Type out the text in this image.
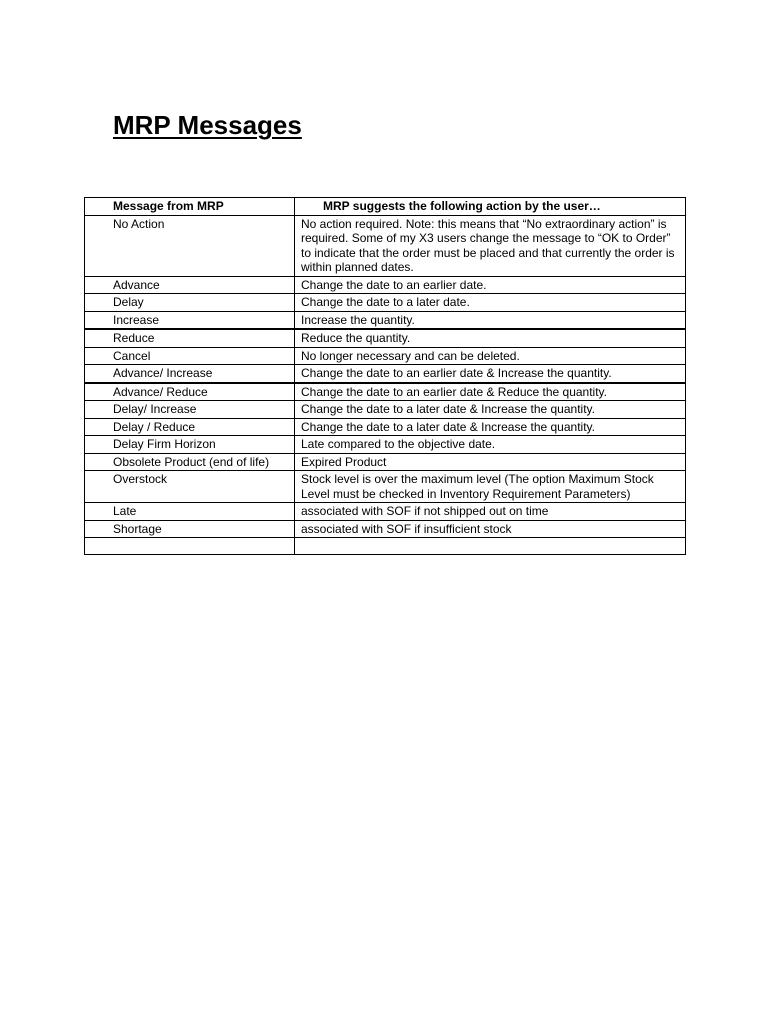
MRP Messages
Message from MRP	MRP suggests the following action by the user…
No Action	No action required. Note: this means that “No extraordinary action” is required. Some of my X3 users change the message to “OK to Order” to indicate that the order must be placed and that currently the order is within planned dates.
Advance	Change the date to an earlier date.
Delay	Change the date to a later date.
Increase	Increase the quantity.
Reduce	Reduce the quantity.
Cancel	No longer necessary and can be deleted.
Advance/ Increase	Change the date to an earlier date & Increase the quantity.
Advance/ Reduce	Change the date to an earlier date & Reduce the quantity.
Delay/ Increase	Change the date to a later date & Increase the quantity.
Delay / Reduce	Change the date to a later date & Increase the quantity.
Delay Firm Horizon	Late compared to the objective date.
Obsolete Product (end of life)	Expired Product
Overstock	Stock level is over the maximum level (The option Maximum Stock Level must be checked in Inventory Requirement Parameters)
Late	associated with SOF if not shipped out on time
Shortage	associated with SOF if insufficient stock
